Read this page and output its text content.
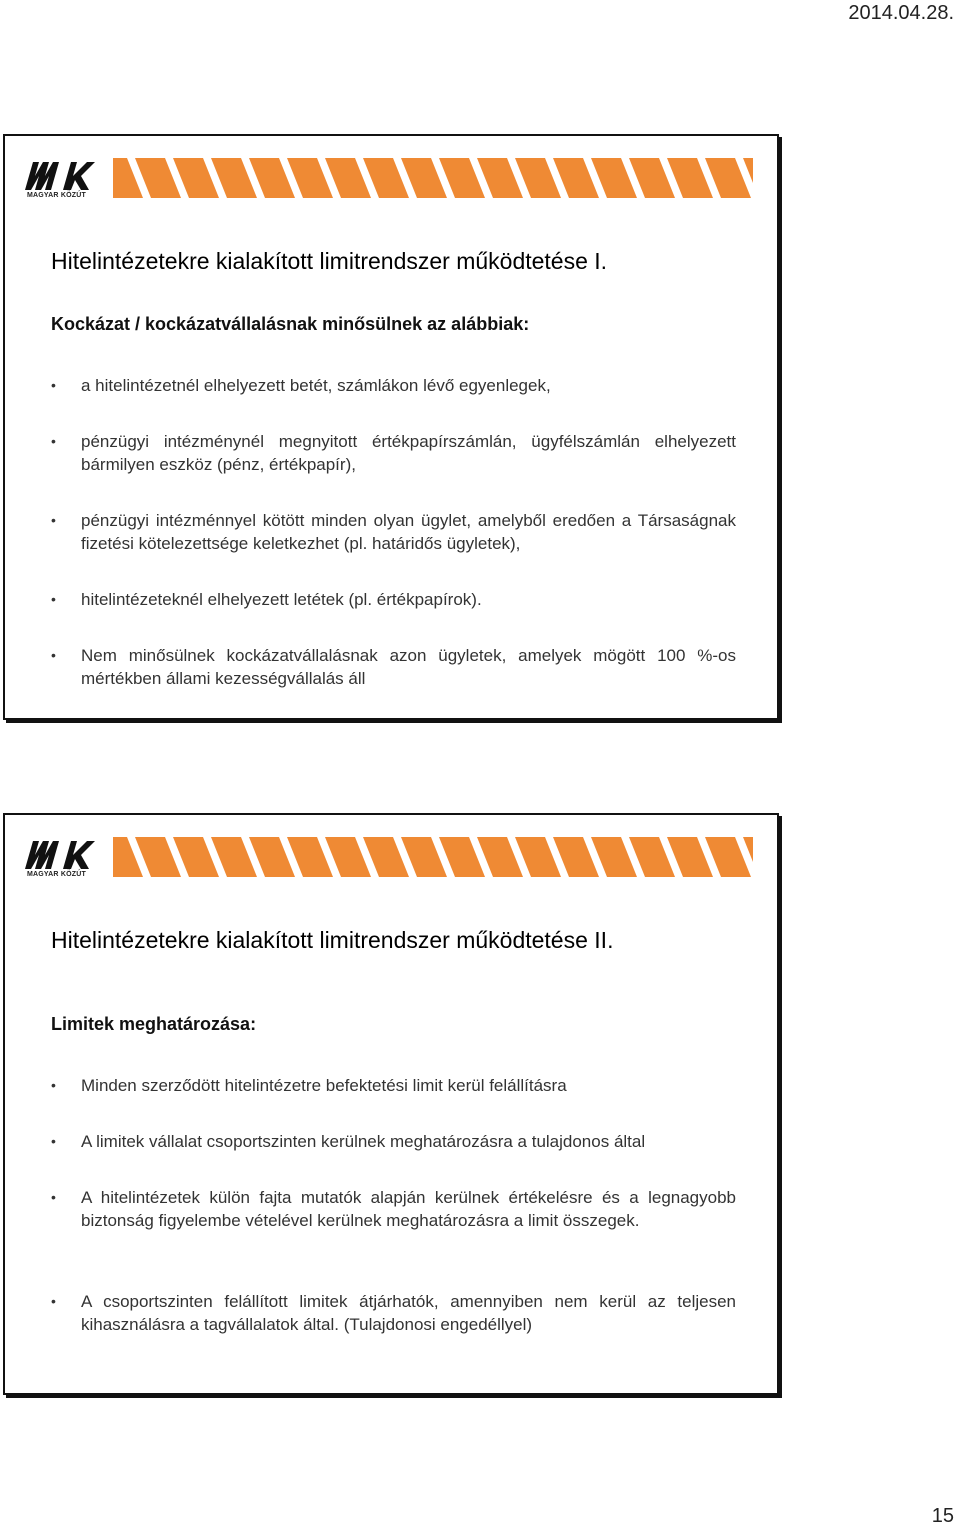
2014.04.28.
MAGYAR KÖZÚT
Hitelintézetekre kialakított limitrendszer működtetése I.
Kockázat / kockázatvállalásnak minősülnek az alábbiak:
•	a hitelintézetnél elhelyezett betét, számlákon lévő egyenlegek,
•	pénzügyi intézménynél megnyitott értékpapírszámlán, ügyfélszámlán elhelyezett bármilyen eszköz (pénz, értékpapír),
•	pénzügyi intézménnyel kötött minden olyan ügylet, amelyből eredően a Társaságnak fizetési kötelezettsége keletkezhet (pl. határidős ügyletek),
•	hitelintézeteknél elhelyezett letétek (pl. értékpapírok).
•	Nem minősülnek kockázatvállalásnak azon ügyletek, amelyek mögött 100 %-os mértékben állami kezességvállalás áll
MAGYAR KÖZÚT
Hitelintézetekre kialakított limitrendszer működtetése II.
Limitek meghatározása:
•	Minden szerződött hitelintézetre befektetési limit kerül felállításra
•	A limitek vállalat csoportszinten kerülnek meghatározásra a tulajdonos által
•	A hitelintézetek külön fajta mutatók alapján kerülnek értékelésre és a legnagyobb biztonság figyelembe vételével kerülnek meghatározásra a limit összegek.
•	A csoportszinten felállított limitek átjárhatók, amennyiben nem kerül az teljesen kihasználásra a tagvállalatok által. (Tulajdonosi engedéllyel)
15
